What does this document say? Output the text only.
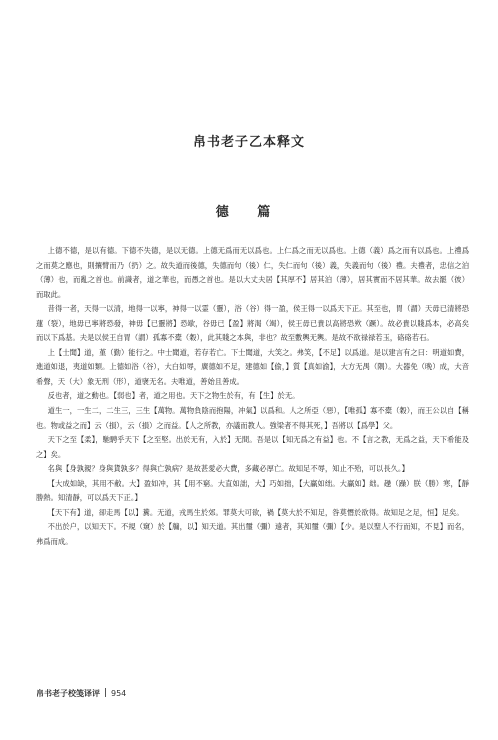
帛书老子乙本释文
德 篇

上德不德，是以有德。下德不失德，是以无德。上德无爲而无以爲也。上仁爲之而无以爲也。上德（義）爲之而有以爲也。上禮爲之而莫之應也，則攘臂而乃（扔）之。故失道而後德，失德而句（後）仁，失仁而句（後）義，失義而句（後）禮。夫禮者，忠信之泊（薄）也，而亂之首也。前識者，道之華也，而愚之首也。是以大丈夫居【其厚不】居其泊（薄），居其實而不居其華。故去罷（彼）而取此。

昔得一者，天得一以清，地得一以寧，神得一以霊（靈），浴（谷）得一盈，侯王得一以爲天下正。其至也，胃（謂）天毋已清將恐蓮（裂），地毋已寧將恐發，神毋【已靈將】恐歇，谷毋已【盈】將渴（竭），侯王毋已貴以高將恐欮（蹶）。故必貴以賤爲本，必高矣而以下爲基。夫是以侯王自胃（謂）孤寡不橐（穀），此其賤之本與，非也？故至數輿无輿。是故不欲禄禄若玉，硌硌若石。

上【士聞】道，堇（勤）能行之。中士聞道，若存若亡。下士聞道，大笑之。弗笑，【不足】以爲道。是以建言有之曰：明道如費，進道如退，夷道如類。上德如浴（谷），大白如辱，廣德如不足，建德如【偷，】質【真如渝】，大方无禺（隅）。大器免（晚）成，大音希聲，天（大）象无刑（形），道襃无名。夫唯道，善始且善成。

反也者，道之動也。【弱也】者，道之用也。天下之物生於有，有【生】於无。

道生一，一生二，二生三，三生【萬物。萬物負陰而抱陽，冲氣】以爲和。人之所亞（惡），【唯孤】寡不橐（穀），而王公以自【稱也。物或益之而】云（損），云（損）之而益。【人之所教，亦議而教人。強梁者不得其死，】吾將以【爲學】父。

天下之至【柔】，馳騁乎天下【之至堅。出於无有，入於】无間。吾是以【知无爲之有益】也。不【言之教，无爲之益，天下希能及之】矣。

名與【身孰親？身與貨孰多？得與亡孰病？是故甚愛必大費，多藏必厚亡。故知足不辱，知止不殆，可以長久。】

【大成如缺，其用不敝。大】盈如冲，其【用不窮。大直如詘，大】巧如拙，【大贏如绌。大贏如】絀。趮（躁）朕（勝）寒，【靜勝熱。知清靜，可以爲天下正。】

【天下有】道，卻走馬【以】糞。无道，戎馬生於郊。罪莫大可欲，禍【莫大於不知足，咎莫憯於欲得。故知足之足，恒】足矣。

不出於户，以知天下。不規（窺）於【牖，以】知天道。其出璽（彌）遠者，其知璽（彌）【少。是以聖人不行而知，不見】而名，弗爲而成。

帛书老子校笺译评 954
